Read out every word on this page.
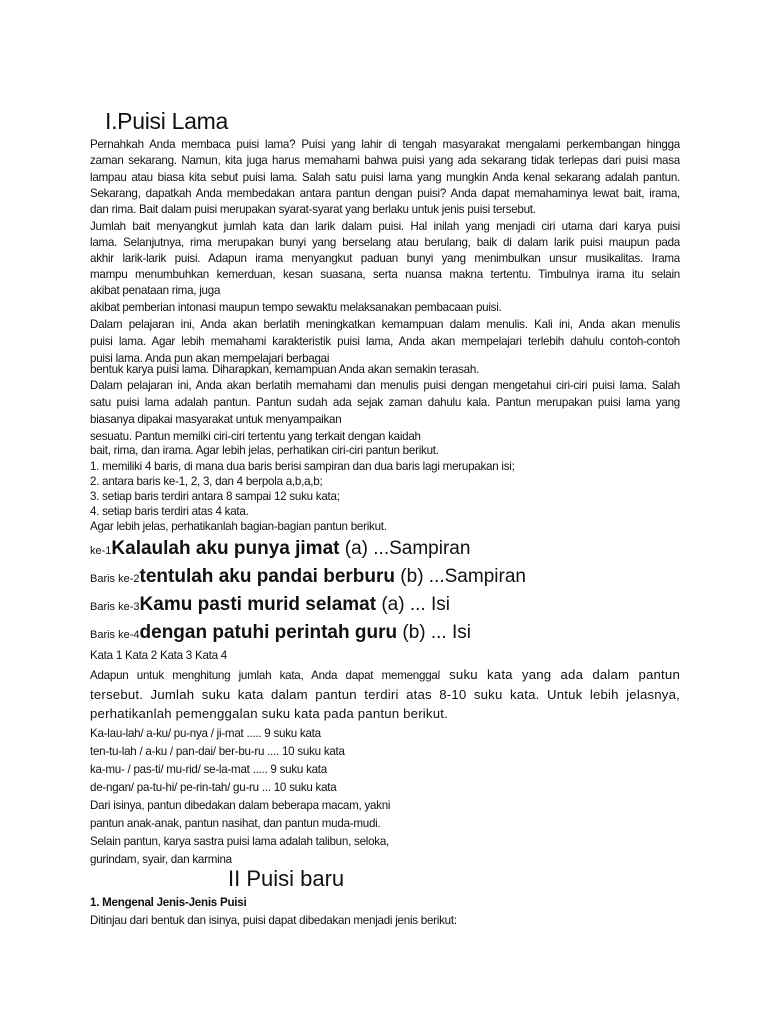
I.Puisi Lama
Pernahkah Anda membaca puisi lama? Puisi yang lahir di tengah masyarakat mengalami perkembangan hingga
zaman sekarang. Namun, kita juga harus memahami bahwa puisi yang ada sekarang tidak terlepas dari puisi masa
lampau atau biasa kita sebut puisi lama. Salah satu puisi lama yang mungkin Anda kenal sekarang adalah pantun.
Sekarang, dapatkah Anda membedakan antara pantun dengan puisi? Anda dapat memahaminya lewat bait, irama,
dan rima. Bait dalam puisi merupakan syarat-syarat yang berlaku untuk jenis puisi tersebut.
Jumlah bait menyangkut jumlah kata dan larik dalam puisi. Hal inilah yang menjadi ciri utama dari karya puisi
lama. Selanjutnya, rima merupakan bunyi yang berselang atau berulang, baik di dalam larik puisi maupun pada
akhir larik-larik puisi. Adapun irama menyangkut paduan bunyi yang menimbulkan unsur musikalitas. Irama
mampu menumbuhkan kemerduan, kesan suasana, serta nuansa makna tertentu. Timbulnya irama itu selain
akibat penataan rima, juga
akibat pemberian intonasi maupun tempo sewaktu melaksanakan pembacaan puisi.
Dalam pelajaran ini, Anda akan berlatih meningkatkan kemampuan dalam menulis. Kali ini, Anda akan menulis
puisi lama. Agar lebih memahami karakteristik puisi lama, Anda akan mempelajari terlebih dahulu contoh-contoh
puisi lama. Anda pun akan mempelajari berbagai
bentuk karya puisi lama. Diharapkan, kemampuan Anda akan semakin terasah.
Dalam pelajaran ini, Anda akan berlatih memahami dan menulis puisi dengan mengetahui ciri-ciri puisi lama. Salah
satu puisi lama adalah pantun. Pantun sudah ada sejak zaman dahulu kala. Pantun merupakan puisi lama yang
biasanya dipakai masyarakat untuk menyampaikan
sesuatu. Pantun memilki ciri-ciri tertentu yang terkait dengan kaidah
bait, rima, dan irama. Agar lebih jelas, perhatikan ciri-ciri pantun berikut.
1. memiliki 4 baris, di mana dua baris berisi sampiran dan dua baris lagi merupakan isi;
2. antara baris ke-1, 2, 3, dan 4 berpola a,b,a,b;
3. setiap baris terdiri antara 8 sampai 12 suku kata;
4. setiap baris terdiri atas 4 kata.
Agar lebih jelas, perhatikanlah bagian-bagian pantun berikut.
ke-1Kalaulah aku punya jimat (a) ...Sampiran
Baris ke-2tentulah aku pandai berburu (b) ...Sampiran
Baris ke-3Kamu pasti murid selamat (a) ... Isi
Baris ke-4dengan patuhi perintah guru (b) ... Isi
Kata 1 Kata 2 Kata 3 Kata 4
Adapun untuk menghitung jumlah kata, Anda dapat memenggal suku kata yang ada dalam pantun
tersebut. Jumlah suku kata dalam pantun terdiri atas 8-10 suku kata. Untuk lebih jelasnya,
perhatikanlah pemenggalan suku kata pada pantun berikut.
Ka-lau-lah/ a-ku/ pu-nya / ji-mat ..... 9 suku kata
ten-tu-lah / a-ku / pan-dai/ ber-bu-ru .... 10 suku kata
ka-mu- / pas-ti/ mu-rid/ se-la-mat ..... 9 suku kata
de-ngan/ pa-tu-hi/ pe-rin-tah/ gu-ru ... 10 suku kata
Dari isinya, pantun dibedakan dalam beberapa macam, yakni
pantun anak-anak, pantun nasihat, dan pantun muda-mudi.
Selain pantun, karya sastra puisi lama adalah talibun, seloka,
gurindam, syair, dan karmina
II Puisi baru
1. Mengenal Jenis-Jenis Puisi
Ditinjau dari bentuk dan isinya, puisi dapat dibedakan menjadi jenis berikut:
